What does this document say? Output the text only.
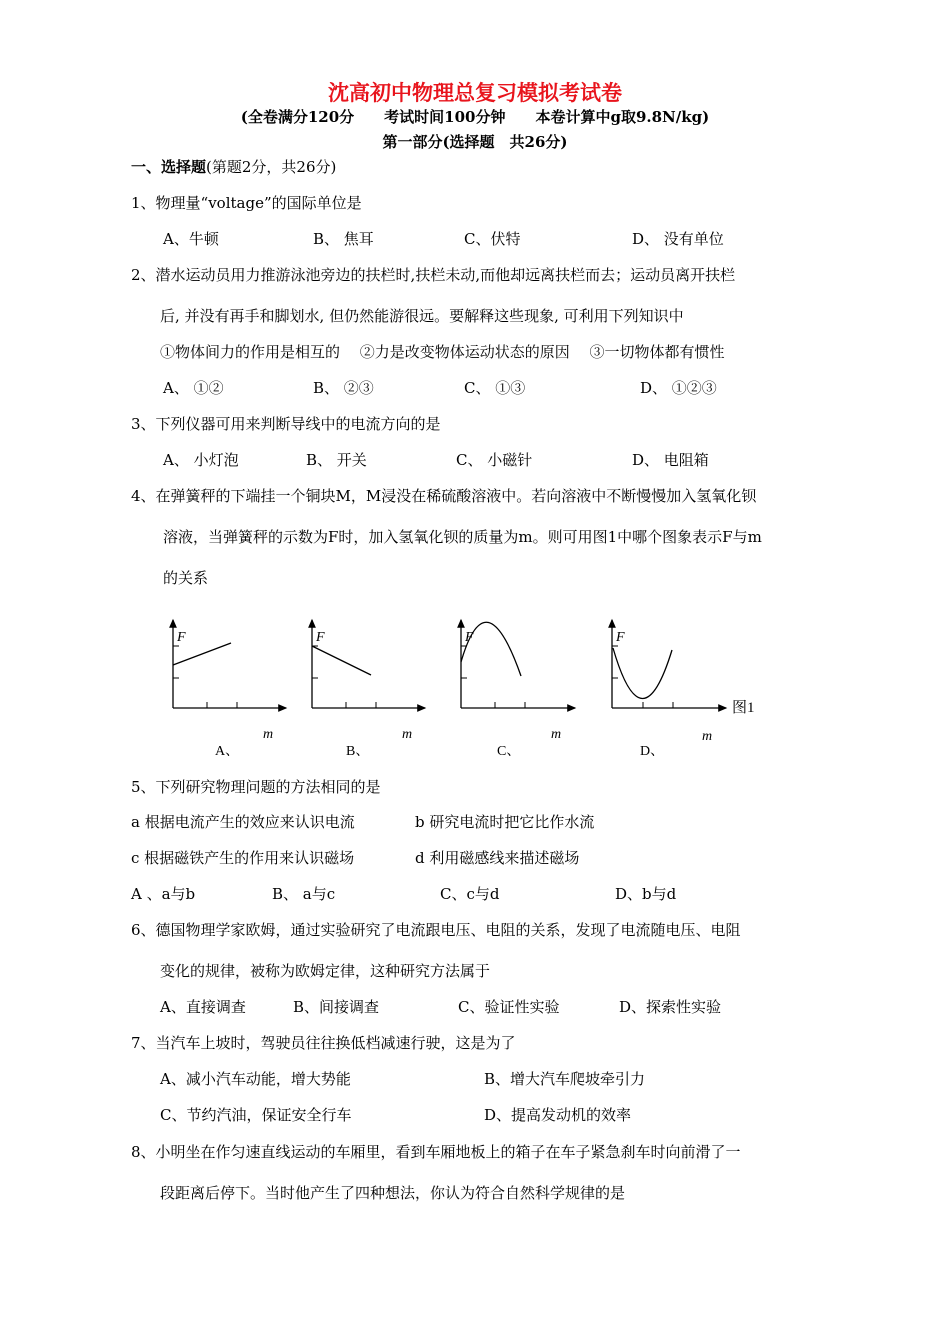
沈高初中物理总复习模拟考试卷
(全卷满分120分　　考试时间100分钟　　本卷计算中g取9.8N/kg)
第一部分(选择题　共26分)
一、选择题(第题2分，共26分)
1、物理量“voltage”的国际单位是
A、牛顿	B、 焦耳	C、伏特	D、 没有单位
2、潜水运动员用力推游泳池旁边的扶栏时,扶栏未动,而他却远离扶栏而去；运动员离开扶栏
后, 并没有再手和脚划水, 但仍然能游很远。要解释这些现象, 可利用下列知识中
①物体间力的作用是相互的　 ②力是改变物体运动状态的原因　 ③一切物体都有惯性
A、 ①②	B、 ②③	C、 ①③	D、 ①②③
3、下列仪器可用来判断导线中的电流方向的是
A、 小灯泡	B、 开关	C、 小磁针	D、 电阻箱
4、在弹簧秤的下端挂一个铜块M，M浸没在稀硫酸溶液中。若向溶液中不断慢慢加入氢氧化钡
溶液，当弹簧秤的示数为F时，加入氢氧化钡的质量为m。则可用图1中哪个图象表示F与m
的关系
F
m
A、
F
m
B、
F
m
C、
F
m
D、
图1
5、下列研究物理问题的方法相同的是
a 根据电流产生的效应来认识电流	b 研究电流时把它比作水流
c 根据磁铁产生的作用来认识磁场	d 利用磁感线来描述磁场
A 、a与b	B、 a与c	C、c与d	D、b与d
6、德国物理学家欧姆，通过实验研究了电流跟电压、电阻的关系，发现了电流随电压、电阻
变化的规律，被称为欧姆定律，这种研究方法属于
A、直接调查	B、间接调查	C、验证性实验	D、探索性实验
7、当汽车上坡时，驾驶员往往换低档减速行驶，这是为了
A、减小汽车动能，增大势能	B、增大汽车爬坡牵引力
C、节约汽油，保证安全行车	D、提高发动机的效率
8、小明坐在作匀速直线运动的车厢里，看到车厢地板上的箱子在车子紧急刹车时向前滑了一
段距离后停下。当时他产生了四种想法，你认为符合自然科学规律的是
